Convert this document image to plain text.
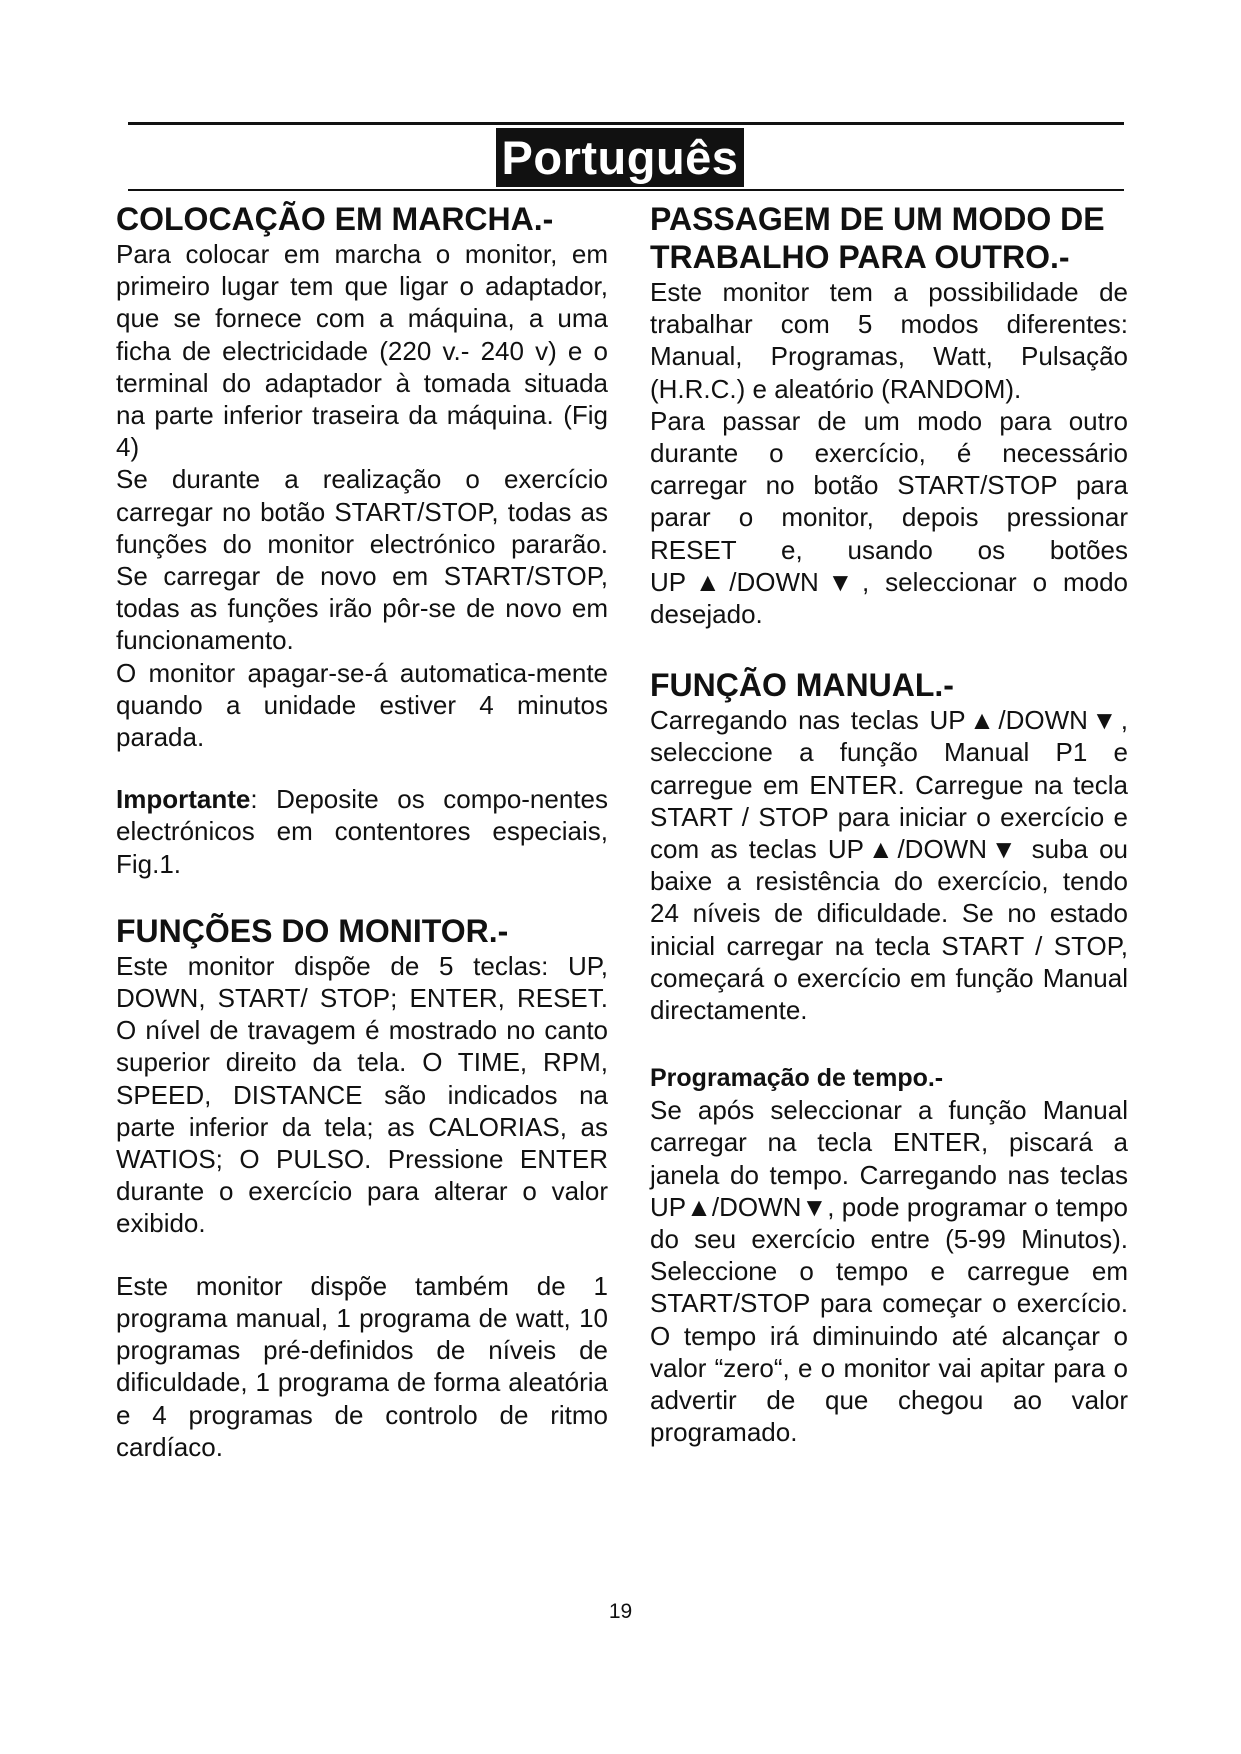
Português
COLOCAÇÃO EM MARCHA.-

Para colocar em marcha o monitor, em primeiro lugar tem que ligar o adaptador, que se fornece com a máquina, a uma ficha de electricidade (220 v.- 240 v) e o terminal do adaptador à tomada situada na parte inferior traseira da máquina. (Fig 4)

Se durante a realização o exercício carregar no botão START/STOP, todas as funções do monitor electrónico pararão. Se carregar de novo em START/STOP, todas as funções irão pôr-se de novo em funcionamento.

O monitor apagar-se-á automatica-mente quando a unidade estiver 4 minutos parada.

Importante: Deposite os compo-nentes electrónicos em contentores especiais, Fig.1.

FUNÇÕES DO MONITOR.-

Este monitor dispõe de 5 teclas: UP, DOWN, START/ STOP; ENTER, RESET. O nível de travagem é mostrado no canto superior direito da tela. O TIME, RPM, SPEED, DISTANCE são indicados na parte inferior da tela; as CALORIAS, as WATIOS; O PULSO. Pressione ENTER durante o exercício para alterar o valor exibido.

Este monitor dispõe também de 1 programa manual, 1 programa de watt, 10 programas pré-definidos de níveis de dificuldade, 1 programa de forma aleatória e 4 programas de controlo de ritmo cardíaco.

PASSAGEM DE UM MODO DE TRABALHO PARA OUTRO.-

Este monitor tem a possibilidade de trabalhar com 5 modos diferentes: Manual, Programas, Watt, Pulsação (H.R.C.) e aleatório (RANDOM).

Para passar de um modo para outro durante o exercício, é necessário carregar no botão START/STOP para parar o monitor, depois pressionar RESET e, usando os botões UP▲/DOWN▼, seleccionar o modo desejado.

FUNÇÃO MANUAL.-

Carregando nas teclas UP▲/DOWN▼, seleccione a função Manual P1 e carregue em ENTER. Carregue na tecla START / STOP para iniciar o exercício e com as teclas UP▲/DOWN▼ suba ou baixe a resistência do exercício, tendo 24 níveis de dificuldade. Se no estado inicial carregar na tecla START / STOP, começará o exercício em função Manual directamente.

Programação de tempo.-

Se após seleccionar a função Manual carregar na tecla ENTER, piscará a janela do tempo. Carregando nas teclas UP▲/DOWN▼, pode programar o tempo do seu exercício entre (5-99 Minutos). Seleccione o tempo e carregue em START/STOP para começar o exercício. O tempo irá diminuindo até alcançar o valor “zero“, e o monitor vai apitar para o advertir de que chegou ao valor programado.

19
